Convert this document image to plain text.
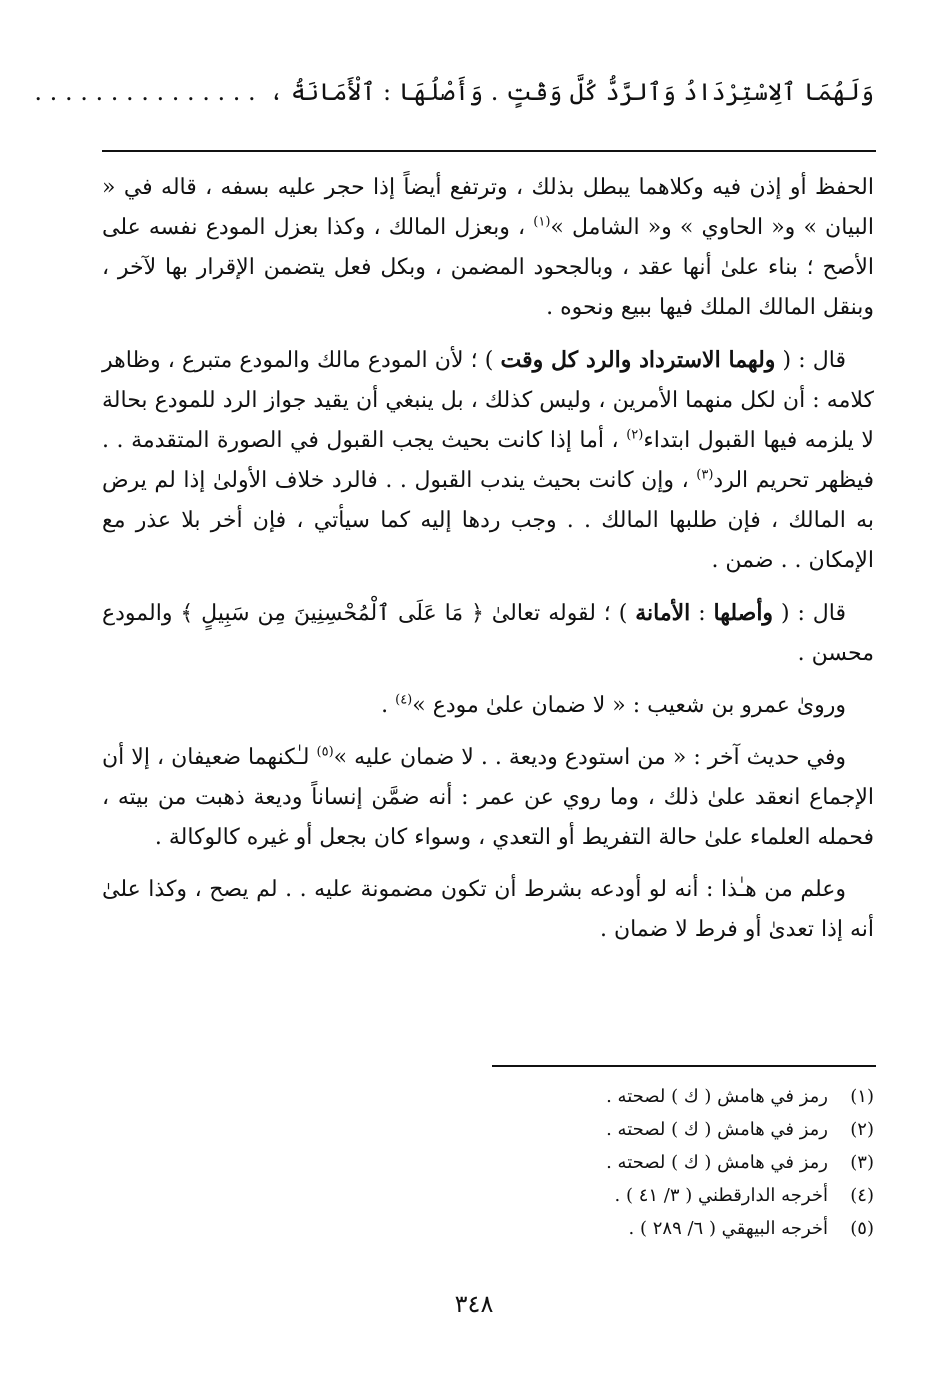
وَلَهُمَا ٱلِاسْتِرْدَادُ وَٱلرَّدُّ كُلَّ وَقْتٍ . وَأَصْلُهَا : ٱلْأَمَانَةُ ، . . . . . . . . . . . . . . .

الحفظ أو إذن فيه وكلاهما يبطل بذلك ، وترتفع أيضاً إذا حجر عليه بسفه ، قاله في « البيان » و« الحاوي » و« الشامل »$^{(١)}$ ، وبعزل المالك ، وكذا بعزل المودع نفسه على الأصح ؛ بناء علىٰ أنها عقد ، وبالجحود المضمن ، وبكل فعل يتضمن الإقرار بها لآخر ، وبنقل المالك الملك فيها ببيع ونحوه .

قال : ( ولهما الاسترداد والرد كل وقت ) ؛ لأن المودع مالك والمودع متبرع ، وظاهر كلامه : أن لكل منهما الأمرين ، وليس كذلك ، بل ينبغي أن يقيد جواز الرد للمودع بحالة لا يلزمه فيها القبول ابتداء$^{(٢)}$ ، أما إذا كانت بحيث يجب القبول في الصورة المتقدمة . . فيظهر تحريم الرد$^{(٣)}$ ، وإن كانت بحيث يندب القبول . . فالرد خلاف الأولىٰ إذا لم يرض به المالك ، فإن طلبها المالك . . وجب ردها إليه كما سيأتي ، فإن أخر بلا عذر مع الإمكان . . ضمن .

قال : ( وأصلها : الأمانة ) ؛ لقوله تعالىٰ ﴿ مَا عَلَى ٱلْمُحْسِنِينَ مِن سَبِيلٍ ﴾ والمودع محسن .

وروىٰ عمرو بن شعيب : « لا ضمان علىٰ مودع »$^{(٤)}$ .

وفي حديث آخر : « من استودع وديعة . . لا ضمان عليه »$^{(٥)}$ لـٰكنهما ضعيفان ، إلا أن الإجماع انعقد علىٰ ذلك ، وما روي عن عمر : أنه ضمَّن إنساناً وديعة ذهبت من بيته ، فحمله العلماء علىٰ حالة التفريط أو التعدي ، وسواء كان بجعل أو غيره كالوكالة .

وعلم من هـٰذا : أنه لو أودعه بشرط أن تكون مضمونة عليه . . لم يصح ، وكذا علىٰ أنه إذا تعدىٰ أو فرط لا ضمان .

(١)
رمز في هامش ( ك ) لصحته .
(٢)
رمز في هامش ( ك ) لصحته .
(٣)
رمز في هامش ( ك ) لصحته .
(٤)
أخرجه الدارقطني ( ٣/ ٤١ ) .
(٥)
أخرجه البيهقي ( ٦/ ٢٨٩ ) .
٣٤٨
